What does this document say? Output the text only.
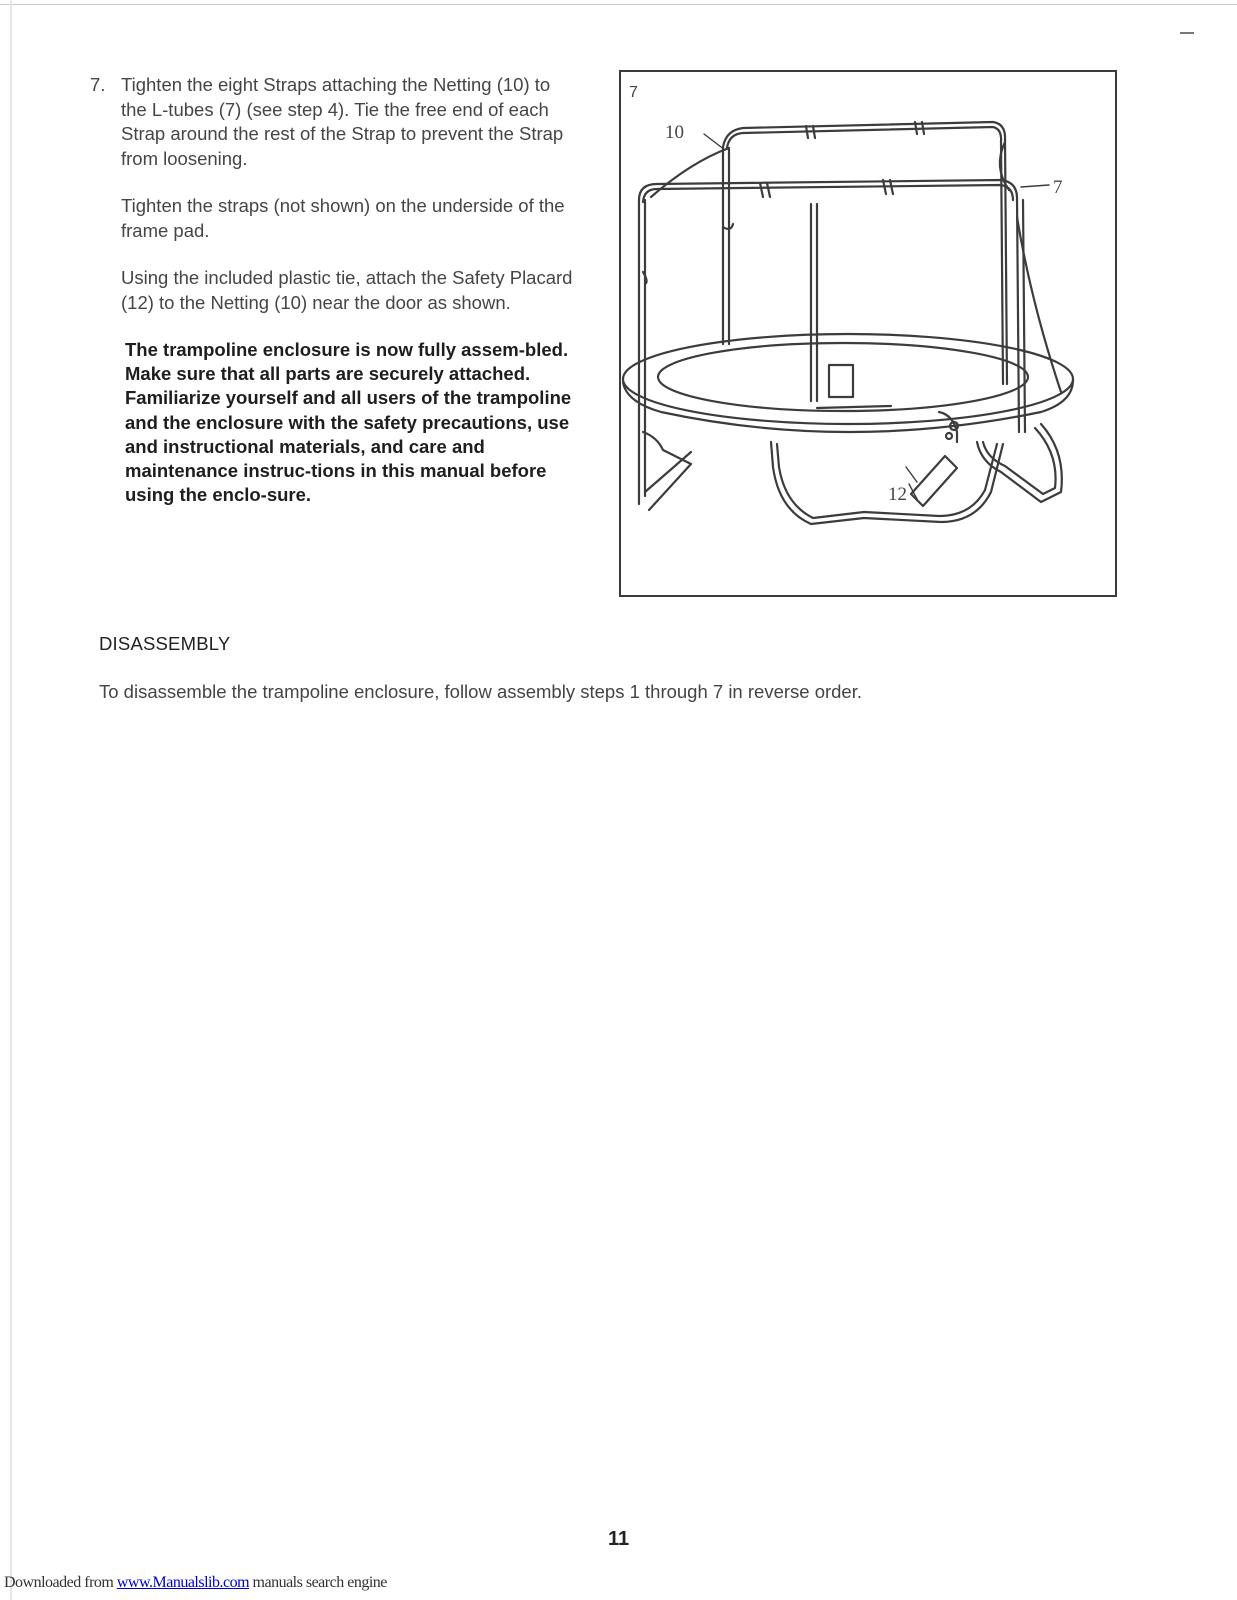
7. Tighten the eight Straps attaching the Netting (10) to the L-tubes (7) (see step 4). Tie the free end of each Strap around the rest of the Strap to prevent the Strap from loosening.

Tighten the straps (not shown) on the underside of the frame pad.

Using the included plastic tie, attach the Safety Placard (12) to the Netting (10) near the door as shown.

The trampoline enclosure is now fully assem-bled. Make sure that all parts are securely attached. Familiarize yourself and all users of the trampoline and the enclosure with the safety precautions, use and instructional materials, and care and maintenance instruc-tions in this manual before using the enclo-sure.

7
10
7
12
DISASSEMBLY
To disassemble the trampoline enclosure, follow assembly steps 1 through 7 in reverse order.
11
Downloaded from www.Manualslib.com manuals search engine
